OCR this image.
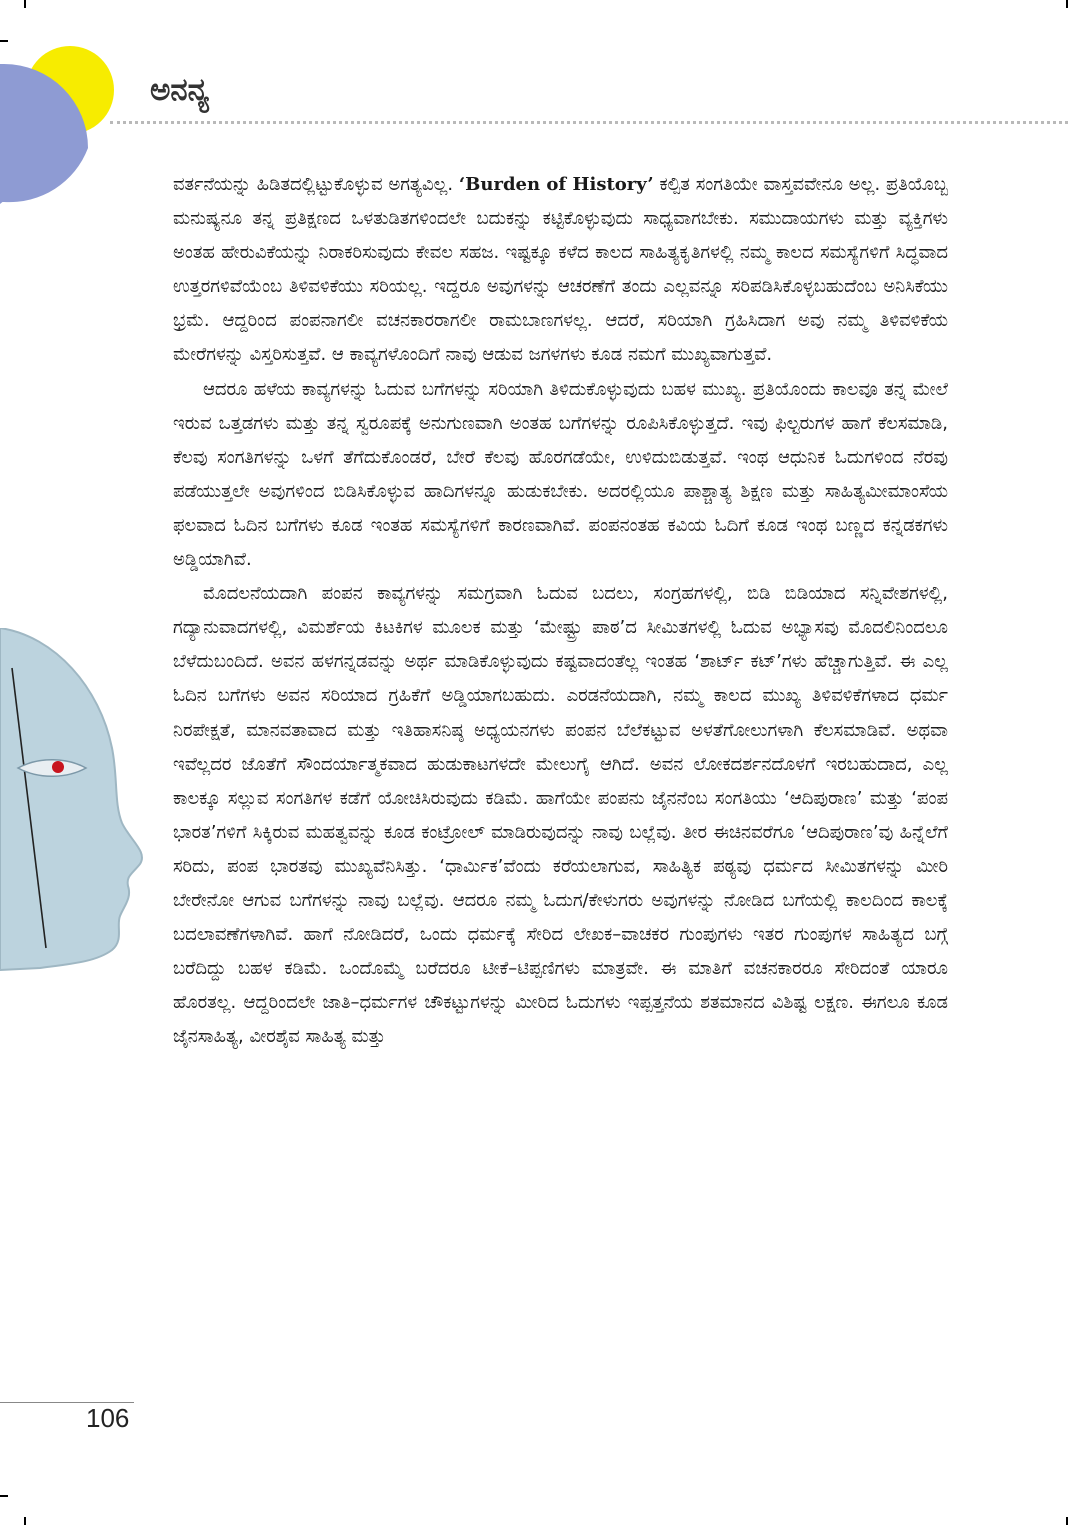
ಅನನ್ಯ

ವರ್ತನೆಯನ್ನು ಹಿಡಿತದಲ್ಲಿಟ್ಟುಕೊಳ್ಳುವ ಅಗತ್ಯವಿಲ್ಲ. ‘Burden of History’ ಕಲ್ಪಿತ ಸಂಗತಿಯೇ ವಾಸ್ತವವೇನೂ ಅಲ್ಲ. ಪ್ರತಿಯೊಬ್ಬ ಮನುಷ್ಯನೂ ತನ್ನ ಪ್ರತಿಕ್ಷಣದ ಒಳತುಡಿತಗಳಿಂದಲೇ ಬದುಕನ್ನು ಕಟ್ಟಿಕೊಳ್ಳುವುದು ಸಾಧ್ಯವಾಗಬೇಕು. ಸಮುದಾಯಗಳು ಮತ್ತು ವ್ಯಕ್ತಿಗಳು ಅಂತಹ ಹೇರುವಿಕೆಯನ್ನು ನಿರಾಕರಿಸುವುದು ಕೇವಲ ಸಹಜ. ಇಷ್ಟಕ್ಕೂ ಕಳೆದ ಕಾಲದ ಸಾಹಿತ್ಯಕೃತಿಗಳಲ್ಲಿ ನಮ್ಮ ಕಾಲದ ಸಮಸ್ಯೆಗಳಿಗೆ ಸಿದ್ಧವಾದ ಉತ್ತರಗಳಿವೆಯೆಂಬ ತಿಳಿವಳಿಕೆಯು ಸರಿಯಲ್ಲ. ಇದ್ದರೂ ಅವುಗಳನ್ನು ಆಚರಣೆಗೆ ತಂದು ಎಲ್ಲವನ್ನೂ ಸರಿಪಡಿಸಿಕೊಳ್ಳಬಹುದೆಂಬ ಅನಿಸಿಕೆಯು ಭ್ರಮೆ. ಆದ್ದರಿಂದ ಪಂಪನಾಗಲೀ ವಚನಕಾರರಾಗಲೀ ರಾಮಬಾಣಗಳಲ್ಲ. ಆದರೆ, ಸರಿಯಾಗಿ ಗ್ರಹಿಸಿದಾಗ ಅವು ನಮ್ಮ ತಿಳಿವಳಿಕೆಯ ಮೇರೆಗಳನ್ನು ವಿಸ್ತರಿಸುತ್ತವೆ. ಆ ಕಾವ್ಯಗಳೊಂದಿಗೆ ನಾವು ಆಡುವ ಜಗಳಗಳು ಕೂಡ ನಮಗೆ ಮುಖ್ಯವಾಗುತ್ತವೆ.

ಆದರೂ ಹಳೆಯ ಕಾವ್ಯಗಳನ್ನು ಓದುವ ಬಗೆಗಳನ್ನು ಸರಿಯಾಗಿ ತಿಳಿದುಕೊಳ್ಳುವುದು ಬಹಳ ಮುಖ್ಯ. ಪ್ರತಿಯೊಂದು ಕಾಲವೂ ತನ್ನ ಮೇಲೆ ಇರುವ ಒತ್ತಡಗಳು ಮತ್ತು ತನ್ನ ಸ್ವರೂಪಕ್ಕೆ ಅನುಗುಣವಾಗಿ ಅಂತಹ ಬಗೆಗಳನ್ನು ರೂಪಿಸಿಕೊಳ್ಳುತ್ತದೆ. ಇವು ಫಿಲ್ಟರುಗಳ ಹಾಗೆ ಕೆಲಸಮಾಡಿ, ಕೆಲವು ಸಂಗತಿಗಳನ್ನು ಒಳಗೆ ತೆಗೆದುಕೊಂಡರೆ, ಬೇರೆ ಕೆಲವು ಹೊರಗಡೆಯೇ, ಉಳಿದುಬಿಡುತ್ತವೆ. ಇಂಥ ಆಧುನಿಕ ಓದುಗಳಿಂದ ನೆರವು ಪಡೆಯುತ್ತಲೇ ಅವುಗಳಿಂದ ಬಿಡಿಸಿಕೊಳ್ಳುವ ಹಾದಿಗಳನ್ನೂ ಹುಡುಕಬೇಕು. ಅದರಲ್ಲಿಯೂ ಪಾಶ್ಚಾತ್ಯ ಶಿಕ್ಷಣ ಮತ್ತು ಸಾಹಿತ್ಯಮೀಮಾಂಸೆಯ ಫಲವಾದ ಓದಿನ ಬಗೆಗಳು ಕೂಡ ಇಂತಹ ಸಮಸ್ಯೆಗಳಿಗೆ ಕಾರಣವಾಗಿವೆ. ಪಂಪನಂತಹ ಕವಿಯ ಓದಿಗೆ ಕೂಡ ಇಂಥ ಬಣ್ಣದ ಕನ್ನಡಕಗಳು ಅಡ್ಡಿಯಾಗಿವೆ.

ಮೊದಲನೆಯದಾಗಿ ಪಂಪನ ಕಾವ್ಯಗಳನ್ನು ಸಮಗ್ರವಾಗಿ ಓದುವ ಬದಲು, ಸಂಗ್ರಹಗಳಲ್ಲಿ, ಬಿಡಿ ಬಿಡಿಯಾದ ಸನ್ನಿವೇಶಗಳಲ್ಲಿ, ಗದ್ಯಾನುವಾದಗಳಲ್ಲಿ, ವಿಮರ್ಶೆಯ ಕಿಟಕಿಗಳ ಮೂಲಕ ಮತ್ತು ‘ಮೇಷ್ಟ್ರು ಪಾಠ’ದ ಸೀಮಿತಗಳಲ್ಲಿ ಓದುವ ಅಭ್ಯಾಸವು ಮೊದಲಿನಿಂದಲೂ ಬೆಳೆದುಬಂದಿದೆ. ಅವನ ಹಳಗನ್ನಡವನ್ನು ಅರ್ಥ ಮಾಡಿಕೊಳ್ಳುವುದು ಕಷ್ಟವಾದಂತೆಲ್ಲ ಇಂತಹ ‘ಶಾರ್ಟ್ ಕಟ್’ಗಳು ಹೆಚ್ಚಾಗುತ್ತಿವೆ. ಈ ಎಲ್ಲ ಓದಿನ ಬಗೆಗಳು ಅವನ ಸರಿಯಾದ ಗ್ರಹಿಕೆಗೆ ಅಡ್ಡಿಯಾಗಬಹುದು. ಎರಡನೆಯದಾಗಿ, ನಮ್ಮ ಕಾಲದ ಮುಖ್ಯ ತಿಳಿವಳಿಕೆಗಳಾದ ಧರ್ಮ ನಿರಪೇಕ್ಷತೆ, ಮಾನವತಾವಾದ ಮತ್ತು ಇತಿಹಾಸನಿಷ್ಠ ಅಧ್ಯಯನಗಳು ಪಂಪನ ಬೆಲೆಕಟ್ಟುವ ಅಳತೆಗೋಲುಗಳಾಗಿ ಕೆಲಸಮಾಡಿವೆ. ಅಥವಾ ಇವೆಲ್ಲದರ ಜೊತೆಗೆ ಸೌಂದರ್ಯಾತ್ಮಕವಾದ ಹುಡುಕಾಟಗಳದೇ ಮೇಲುಗೈ ಆಗಿದೆ. ಅವನ ಲೋಕದರ್ಶನದೊಳಗೆ ಇರಬಹುದಾದ, ಎಲ್ಲ ಕಾಲಕ್ಕೂ ಸಲ್ಲುವ ಸಂಗತಿಗಳ ಕಡೆಗೆ ಯೋಚಿಸಿರುವುದು ಕಡಿಮೆ. ಹಾಗೆಯೇ ಪಂಪನು ಜೈನನೆಂಬ ಸಂಗತಿಯು ‘ಆದಿಪುರಾಣ’ ಮತ್ತು ‘ಪಂಪ ಭಾರತ’ಗಳಿಗೆ ಸಿಕ್ಕಿರುವ ಮಹತ್ವವನ್ನು ಕೂಡ ಕಂಟ್ರೋಲ್ ಮಾಡಿರುವುದನ್ನು ನಾವು ಬಲ್ಲೆವು. ತೀರ ಈಚಿನವರೆಗೂ ‘ಆದಿಪುರಾಣ’ವು ಹಿನ್ನೆಲೆಗೆ ಸರಿದು, ಪಂಪ ಭಾರತವು ಮುಖ್ಯವೆನಿಸಿತ್ತು. ‘ಧಾರ್ಮಿಕ’ವೆಂದು ಕರೆಯಲಾಗುವ, ಸಾಹಿತ್ಯಿಕ ಪಠ್ಯವು ಧರ್ಮದ ಸೀಮಿತಗಳನ್ನು ಮೀರಿ ಬೇರೇನೋ ಆಗುವ ಬಗೆಗಳನ್ನು ನಾವು ಬಲ್ಲೆವು. ಆದರೂ ನಮ್ಮ ಓದುಗ/ಕೇಳುಗರು ಅವುಗಳನ್ನು ನೋಡಿದ ಬಗೆಯಲ್ಲಿ ಕಾಲದಿಂದ ಕಾಲಕ್ಕೆ ಬದಲಾವಣೆಗಳಾಗಿವೆ. ಹಾಗೆ ನೋಡಿದರೆ, ಒಂದು ಧರ್ಮಕ್ಕೆ ಸೇರಿದ ಲೇಖಕ–ವಾಚಕರ ಗುಂಪುಗಳು ಇತರ ಗುಂಪುಗಳ ಸಾಹಿತ್ಯದ ಬಗ್ಗೆ ಬರೆದಿದ್ದು ಬಹಳ ಕಡಿಮೆ. ಒಂದೊಮ್ಮೆ ಬರೆದರೂ ಟೀಕೆ–ಟಿಪ್ಪಣಿಗಳು ಮಾತ್ರವೇ. ಈ ಮಾತಿಗೆ ವಚನಕಾರರೂ ಸೇರಿದಂತೆ ಯಾರೂ ಹೊರತಲ್ಲ. ಆದ್ದರಿಂದಲೇ ಜಾತಿ–ಧರ್ಮಗಳ ಚೌಕಟ್ಟುಗಳನ್ನು ಮೀರಿದ ಓದುಗಳು ಇಪ್ಪತ್ತನೆಯ ಶತಮಾನದ ವಿಶಿಷ್ಟ ಲಕ್ಷಣ. ಈಗಲೂ ಕೂಡ ಜೈನಸಾಹಿತ್ಯ, ವೀರಶೈವ ಸಾಹಿತ್ಯ ಮತ್ತು

106
